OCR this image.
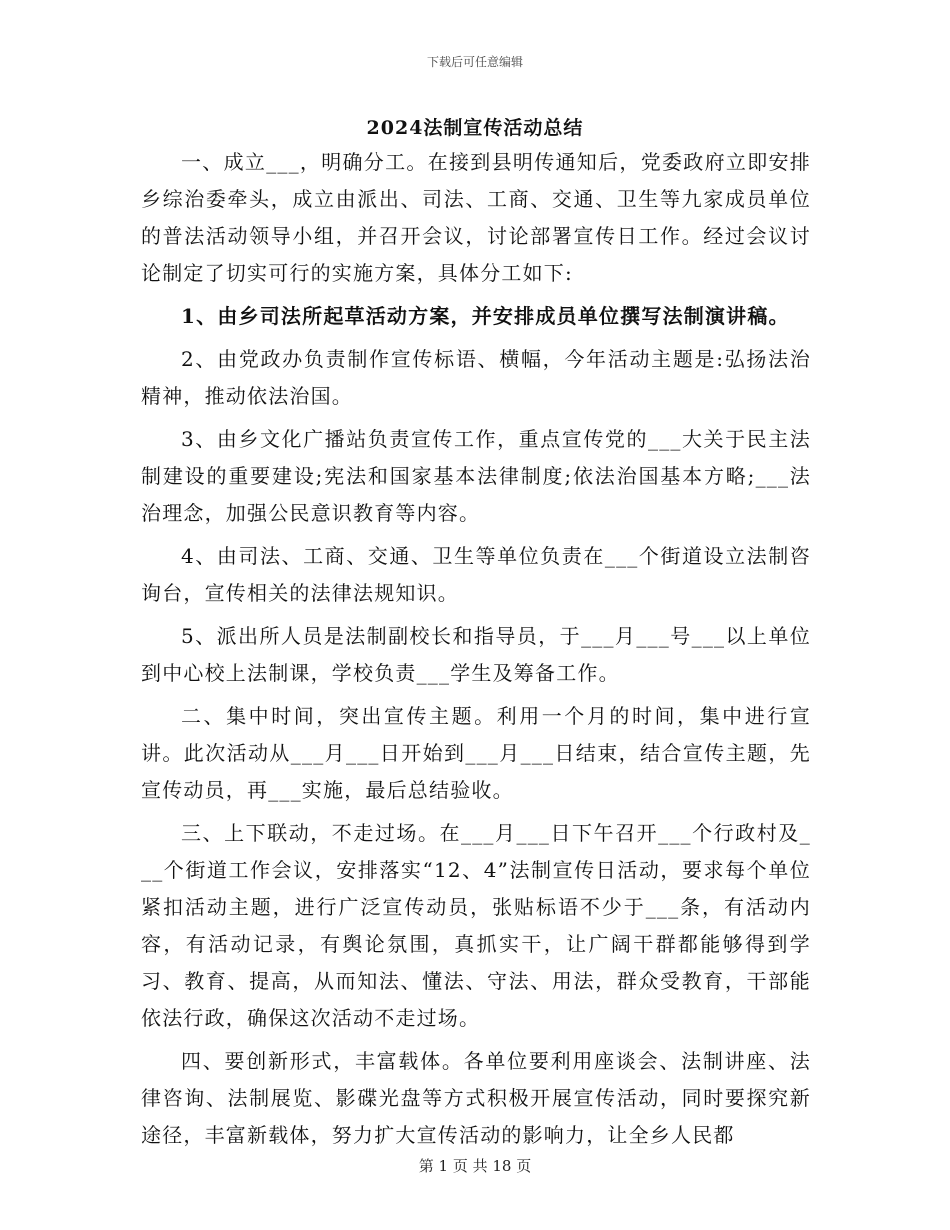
下载后可任意编辑
2024法制宣传活动总结

一、成立___，明确分工。在接到县明传通知后，党委政府立即安排乡综治委牵头，成立由派出、司法、工商、交通、卫生等九家成员单位的普法活动领导小组，并召开会议，讨论部署宣传日工作。经过会议讨论制定了切实可行的实施方案，具体分工如下:

1、由乡司法所起草活动方案，并安排成员单位撰写法制演讲稿。

2、由党政办负责制作宣传标语、横幅，今年活动主题是:弘扬法治精神，推动依法治国。

3、由乡文化广播站负责宣传工作，重点宣传党的___大关于民主法制建设的重要建设;宪法和国家基本法律制度;依法治国基本方略;___法治理念，加强公民意识教育等内容。

4、由司法、工商、交通、卫生等单位负责在___个街道设立法制咨询台，宣传相关的法律法规知识。

5、派出所人员是法制副校长和指导员，于___月___号___以上单位到中心校上法制课，学校负责___学生及筹备工作。

二、集中时间，突出宣传主题。利用一个月的时间，集中进行宣讲。此次活动从___月___日开始到___月___日结束，结合宣传主题，先宣传动员，再___实施，最后总结验收。

三、上下联动，不走过场。在___月___日下午召开___个行政村及___个街道工作会议，安排落实“12、4”法制宣传日活动，要求每个单位紧扣活动主题，进行广泛宣传动员，张贴标语不少于___条，有活动内容，有活动记录，有舆论氛围，真抓实干，让广阔干群都能够得到学习、教育、提高，从而知法、懂法、守法、用法，群众受教育，干部能依法行政，确保这次活动不走过场。

四、要创新形式，丰富载体。各单位要利用座谈会、法制讲座、法律咨询、法制展览、影碟光盘等方式积极开展宣传活动，同时要探究新途径，丰富新载体，努力扩大宣传活动的影响力，让全乡人民都

第 1 页 共 18 页
